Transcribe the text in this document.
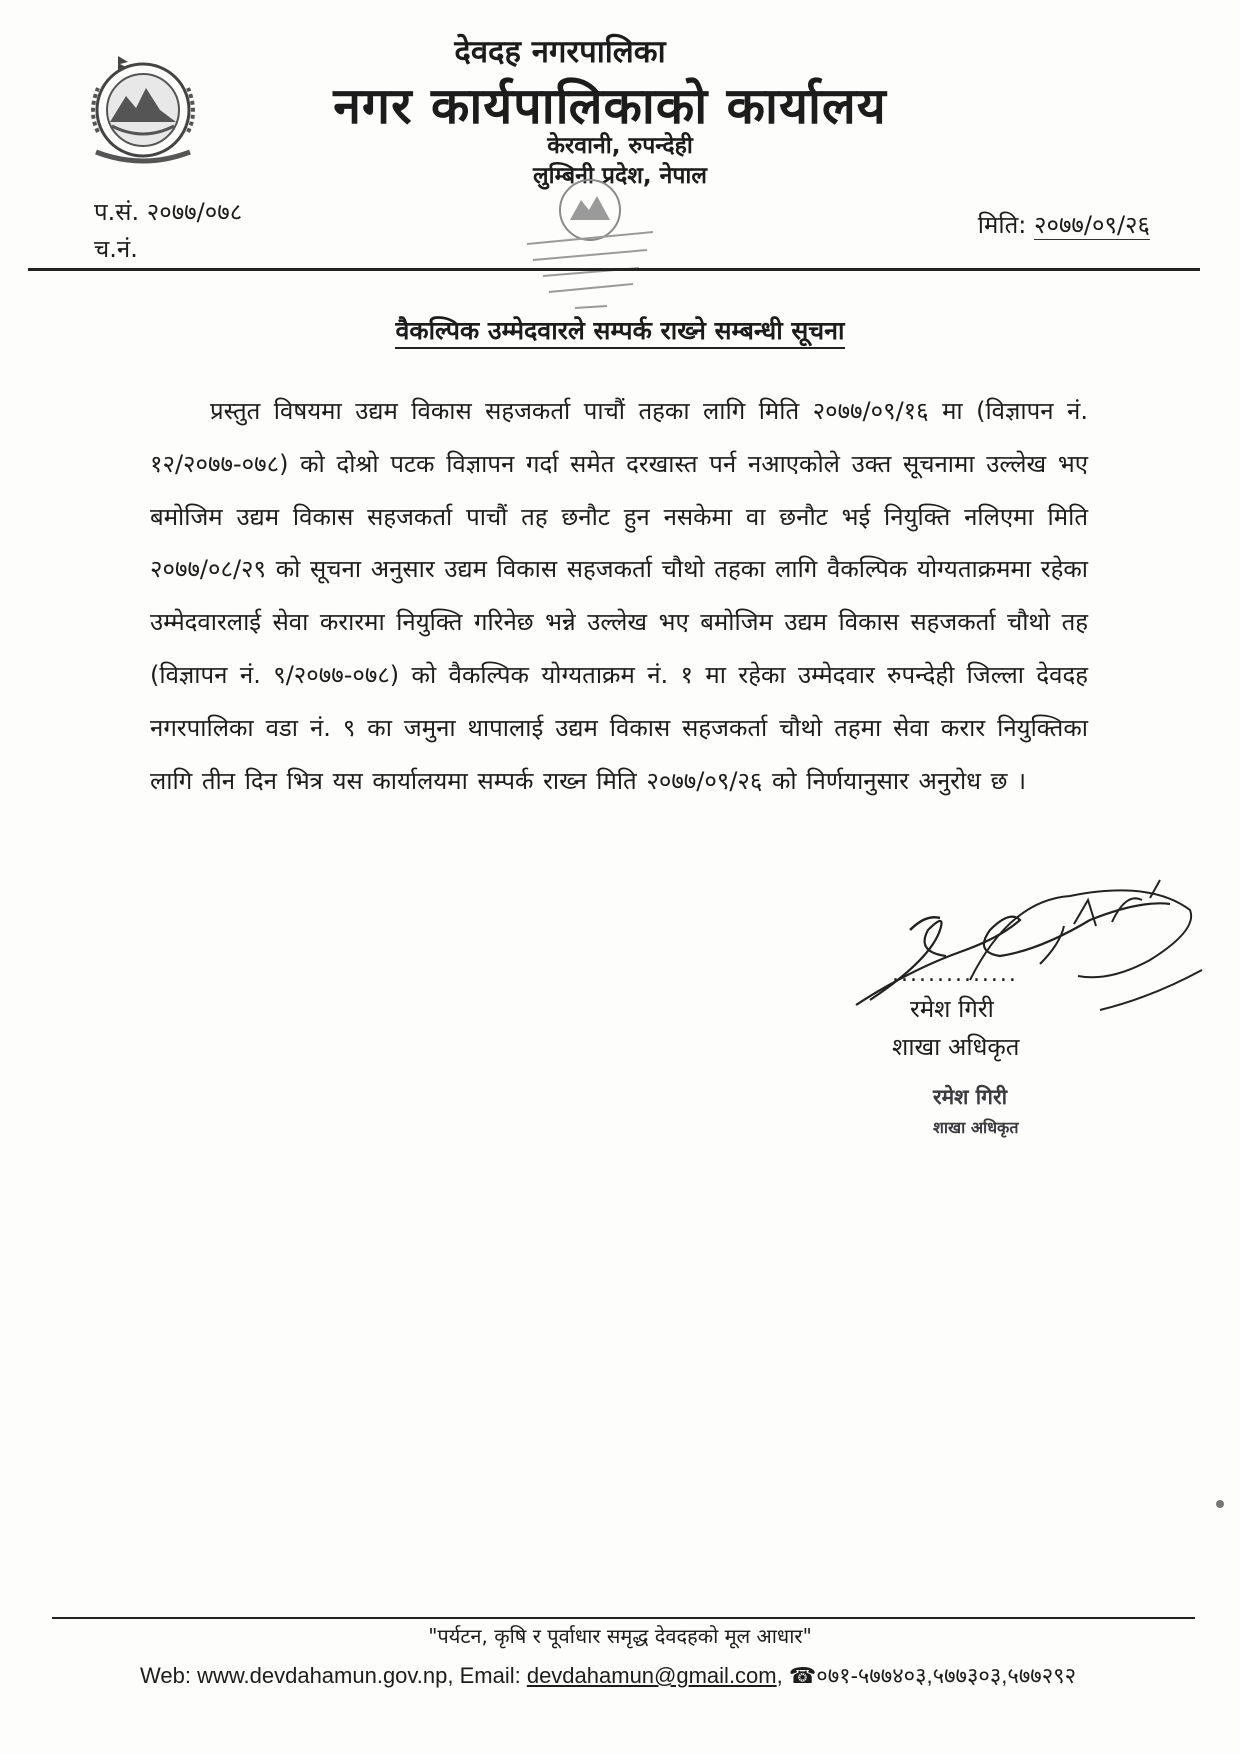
देवदह नगरपालिका
नगर कार्यपालिकाको कार्यालय
केरवानी, रुपन्देही
लुम्बिनी प्रदेश, नेपाल
प.सं. २०७७/०७८
च.नं.
मिति: २०७७/०९/२६
वैकल्पिक उम्मेदवारले सम्पर्क राख्ने सम्बन्धी सूचना

प्रस्तुत विषयमा उद्यम विकास सहजकर्ता पाचौं तहका लागि मिति २०७७/०९/१६ मा (विज्ञापन नं. १२/२०७७-०७८) को दोश्रो पटक विज्ञापन गर्दा समेत दरखास्त पर्न नआएकोले उक्त सूचनामा उल्लेख भए बमोजिम उद्यम विकास सहजकर्ता पाचौं तह छनौट हुन नसकेमा वा छनौट भई नियुक्ति नलिएमा मिति २०७७/०८/२९ को सूचना अनुसार उद्यम विकास सहजकर्ता चौथो तहका लागि वैकल्पिक योग्यताक्रममा रहेका उम्मेदवारलाई सेवा करारमा नियुक्ति गरिनेछ भन्ने उल्लेख भए बमोजिम उद्यम विकास सहजकर्ता चौथो तह (विज्ञापन नं. ९/२०७७-०७८) को वैकल्पिक योग्यताक्रम नं. १ मा रहेका उम्मेदवार रुपन्देही जिल्ला देवदह नगरपालिका वडा नं. ९ का जमुना थापालाई उद्यम विकास सहजकर्ता चौथो तहमा सेवा करार नियुक्तिका लागि तीन दिन भित्र यस कार्यालयमा सम्पर्क राख्न मिति २०७७/०९/२६ को निर्णयानुसार अनुरोध छ ।

..............
रमेश गिरी
शाखा अधिकृत
रमेश गिरी
शाखा अधिकृत
"पर्यटन, कृषि र पूर्वाधार समृद्ध देवदहको मूल आधार"
Web: www.devdahamun.gov.np, Email: devdahamun@gmail.com, ☎०७१-५७७४०३,५७७३०३,५७७२९२
